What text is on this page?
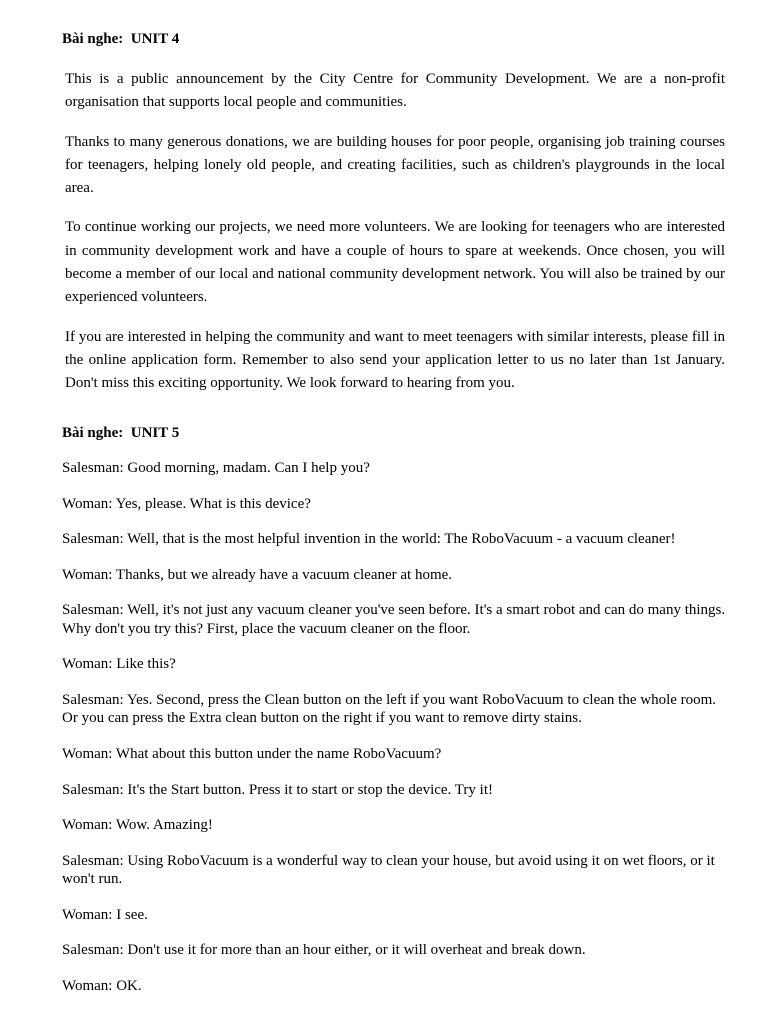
Bài nghe:  UNIT 4

This is a public announcement by the City Centre for Community Development. We are a non-profit organisation that supports local people and communities.

Thanks to many generous donations, we are building houses for poor people, organising job training courses for teenagers, helping lonely old people, and creating facilities, such as children's playgrounds in the local area.

To continue working our projects, we need more volunteers. We are looking for teenagers who are interested in community development work and have a couple of hours to spare at weekends. Once chosen, you will become a member of our local and national community development network. You will also be trained by our experienced volunteers.

If you are interested in helping the community and want to meet teenagers with similar interests, please fill in the online application form. Remember to also send your application letter to us no later than 1st January. Don't miss this exciting opportunity. We look forward to hearing from you.

Bài nghe:  UNIT 5

Salesman: Good morning, madam. Can I help you?

Woman: Yes, please. What is this device?

Salesman: Well, that is the most helpful invention in the world: The RoboVacuum - a vacuum cleaner!

Woman: Thanks, but we already have a vacuum cleaner at home.

Salesman: Well, it's not just any vacuum cleaner you've seen before. It's a smart robot and can do many things. Why don't you try this? First, place the vacuum cleaner on the floor.

Woman: Like this?

Salesman: Yes. Second, press the Clean button on the left if you want RoboVacuum to clean the whole room. Or you can press the Extra clean button on the right if you want to remove dirty stains.

Woman: What about this button under the name RoboVacuum?

Salesman: It's the Start button. Press it to start or stop the device. Try it!

Woman: Wow. Amazing!

Salesman: Using RoboVacuum is a wonderful way to clean your house, but avoid using it on wet floors, or it won't run.

Woman: I see.

Salesman: Don't use it for more than an hour either, or it will overheat and break down.

Woman: OK.
